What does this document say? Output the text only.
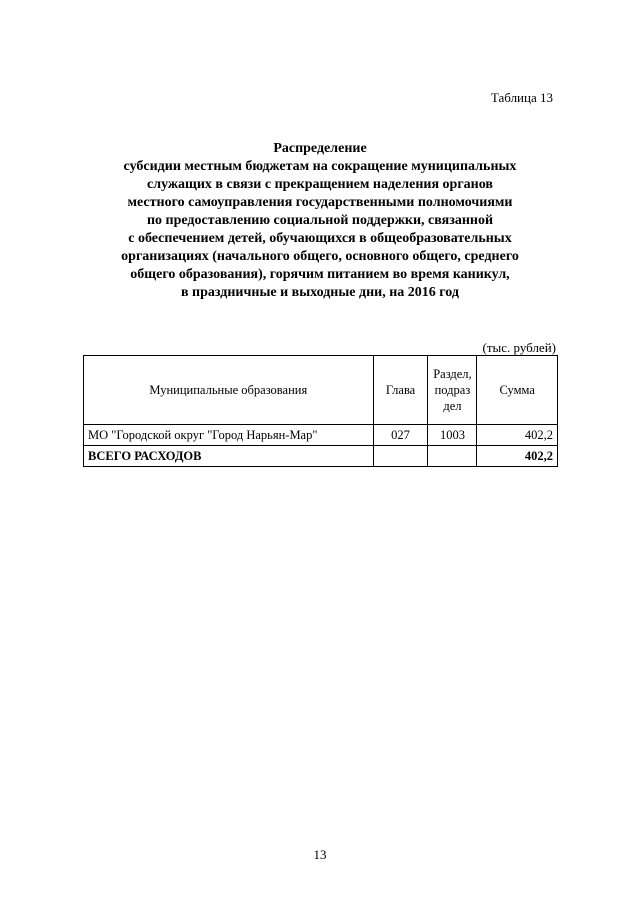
Таблица 13
Распределение
субсидии местным бюджетам на сокращение муниципальных
служащих в связи с прекращением наделения органов
местного самоуправления государственными полномочиями
по предоставлению социальной поддержки, связанной
с обеспечением детей, обучающихся в общеобразовательных
организациях (начального общего, основного общего, среднего
общего образования), горячим питанием во время каникул,
в праздничные и выходные дни, на 2016 год
(тыс. рублей)
Муниципальные образования	Глава	Раздел,
подраз
дел	Сумма
МО "Городской округ "Город Нарьян-Мар"	027	1003	402,2
ВСЕГО РАСХОДОВ			402,2
13
